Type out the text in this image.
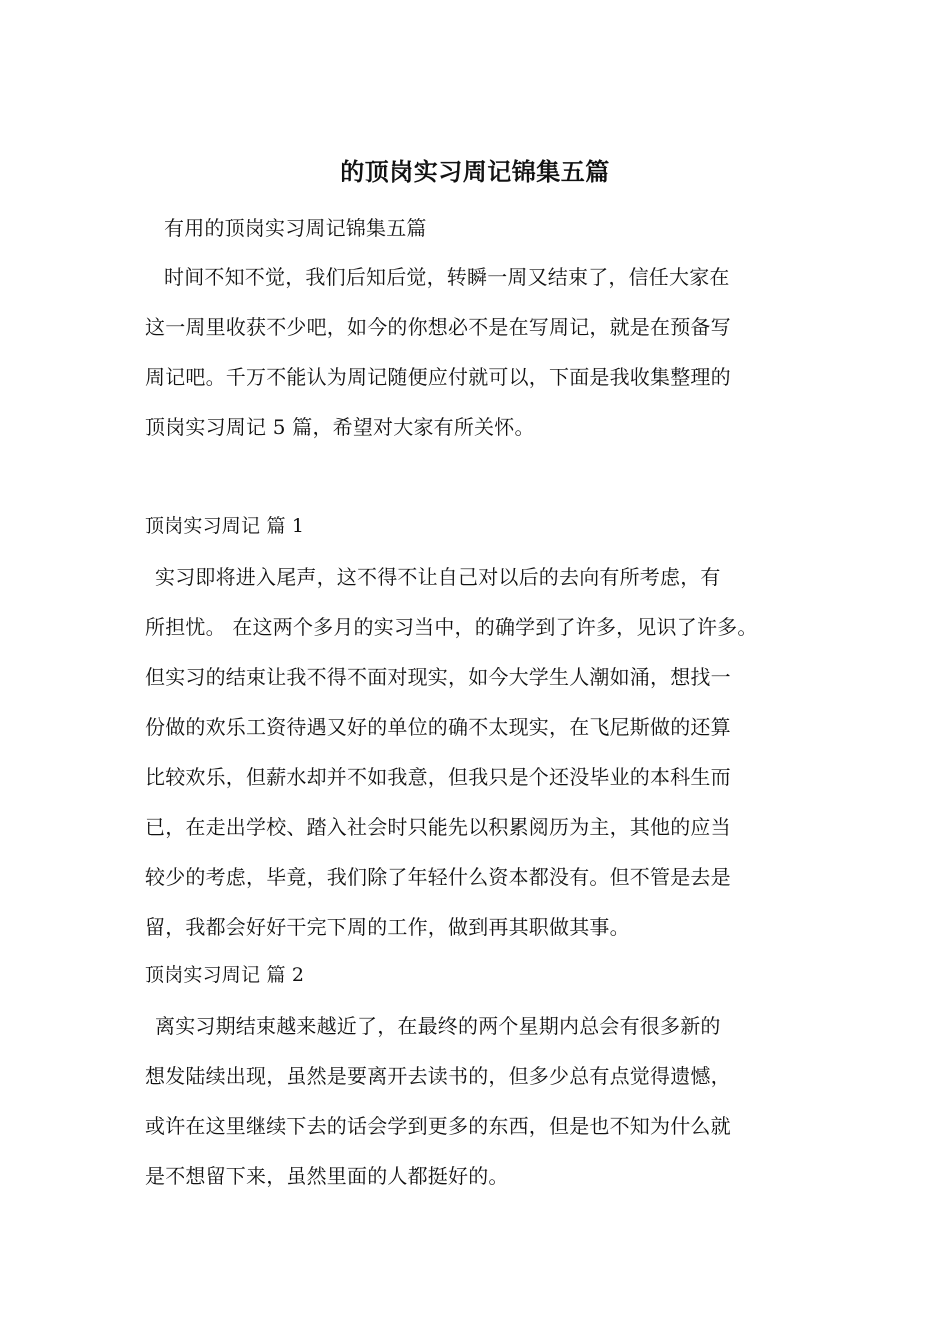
的顶岗实习周记锦集五篇
有用的顶岗实习周记锦集五篇
时间不知不觉，我们后知后觉，转瞬一周又结束了，信任大家在
这一周里收获不少吧，如今的你想必不是在写周记，就是在预备写
周记吧。千万不能认为周记随便应付就可以，下面是我收集整理的
顶岗实习周记 5 篇，希望对大家有所关怀。
顶岗实习周记 篇 1
实习即将进入尾声，这不得不让自己对以后的去向有所考虑，有
所担忧。 在这两个多月的实习当中，的确学到了许多，见识了许多。
但实习的结束让我不得不面对现实，如今大学生人潮如涌，想找一
份做的欢乐工资待遇又好的单位的确不太现实，在飞尼斯做的还算
比较欢乐，但薪水却并不如我意，但我只是个还没毕业的本科生而
已，在走出学校、踏入社会时只能先以积累阅历为主，其他的应当
较少的考虑，毕竟，我们除了年轻什么资本都没有。但不管是去是
留，我都会好好干完下周的工作，做到再其职做其事。
顶岗实习周记 篇 2
离实习期结束越来越近了，在最终的两个星期内总会有很多新的
想发陆续出现，虽然是要离开去读书的，但多少总有点觉得遗憾，
或许在这里继续下去的话会学到更多的东西，但是也不知为什么就
是不想留下来，虽然里面的人都挺好的。
